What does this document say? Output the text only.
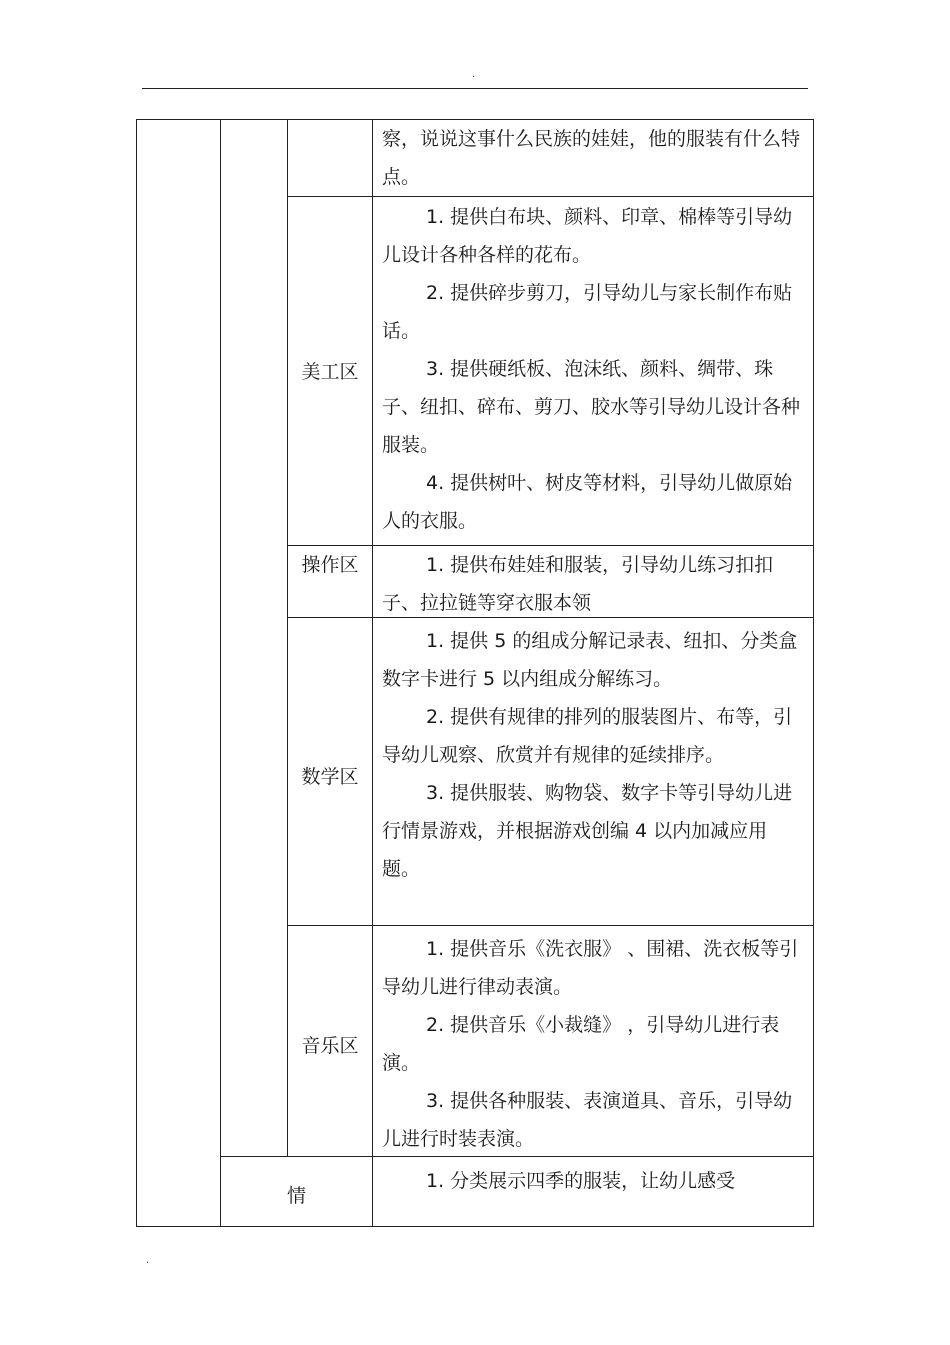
.

察，说说这事什么民族的娃娃，他的服装有什么特点。

美工区

1. 提供白布块、颜料、印章、棉棒等引导幼儿设计各种各样的花布。

2. 提供碎步剪刀，引导幼儿与家长制作布贴话。

3. 提供硬纸板、泡沫纸、颜料、绸带、珠子、纽扣、碎布、剪刀、胶水等引导幼儿设计各种服装。

4. 提供树叶、树皮等材料，引导幼儿做原始人的衣服。

操作区	1. 提供布娃娃和服装，引导幼儿练习扣扣子、拉拉链等穿衣服本领

数学区

1. 提供 5 的组成分解记录表、纽扣、分类盒数字卡进行 5 以内组成分解练习。

2. 提供有规律的排列的服装图片、布等，引导幼儿观察、欣赏并有规律的延续排序。

3. 提供服装、购物袋、数字卡等引导幼儿进行情景游戏，并根据游戏创编 4 以内加减应用题。

音乐区

1. 提供音乐《洗衣服》 、围裙、洗衣板等引导幼儿进行律动表演。

2. 提供音乐《小裁缝》 ，引导幼儿进行表演。

3. 提供各种服装、表演道具、音乐，引导幼儿进行时装表演。

情

1. 分类展示四季的服装，让幼儿感受

.
